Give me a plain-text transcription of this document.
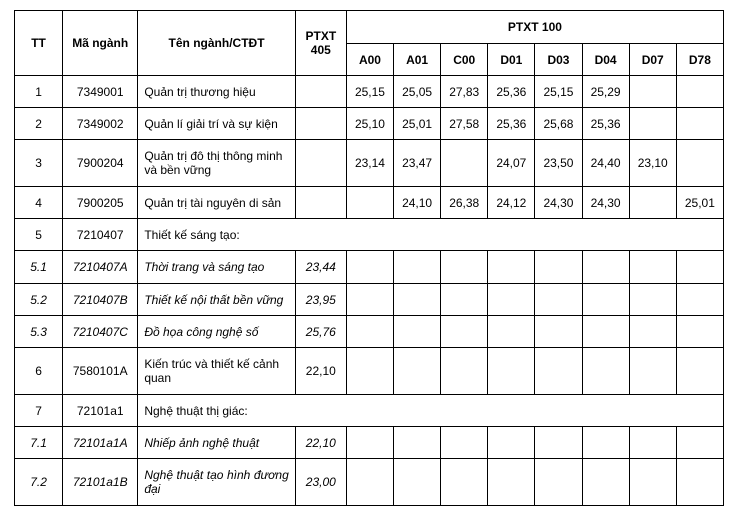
TT	Mã ngành	Tên ngành/CTĐT	PTXT 405	PTXT 100							
				A00	A01	C00	D01	D03	D04	D07	D78
1	7349001	Quản trị thương hiệu		25,15	25,05	27,83	25,36	25,15	25,29		
2	7349002	Quản lí giải trí và sự kiện		25,10	25,01	27,58	25,36	25,68	25,36		
3	7900204	Quản trị đô thị thông minh và bền vững		23,14	23,47		24,07	23,50	24,40	23,10	
4	7900205	Quản trị tài nguyên di sản			24,10	26,38	24,12	24,30	24,30		25,01
5	7210407	Thiết kế sáng tạo:									
5.1	7210407A	Thời trang và sáng tạo	23,44								
5.2	7210407B	Thiết kế nội thất bền vững	23,95								
5.3	7210407C	Đồ họa công nghệ số	25,76								
6	7580101A	Kiến trúc và thiết kế cảnh quan	22,10								
7	72101a1	Nghệ thuật thị giác:									
7.1	72101a1A	Nhiếp ảnh nghệ thuật	22,10								
7.2	72101a1B	Nghệ thuật tạo hình đương đại	23,00								
